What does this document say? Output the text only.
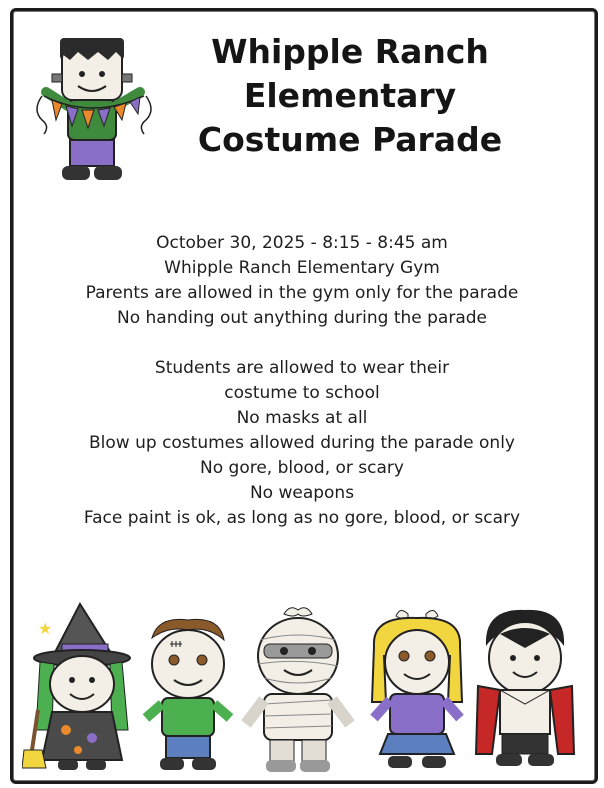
Whipple Ranch
Elementary
Costume Parade
October 30, 2025 - 8:15 - 8:45 am
Whipple Ranch Elementary Gym
Parents are allowed in the gym only for the parade
No handing out anything during the parade
Students are allowed to wear their
costume to school
No masks at all
Blow up costumes allowed during the parade only
No gore, blood, or scary
No weapons
Face paint is ok, as long as no gore, blood, or scary
★
